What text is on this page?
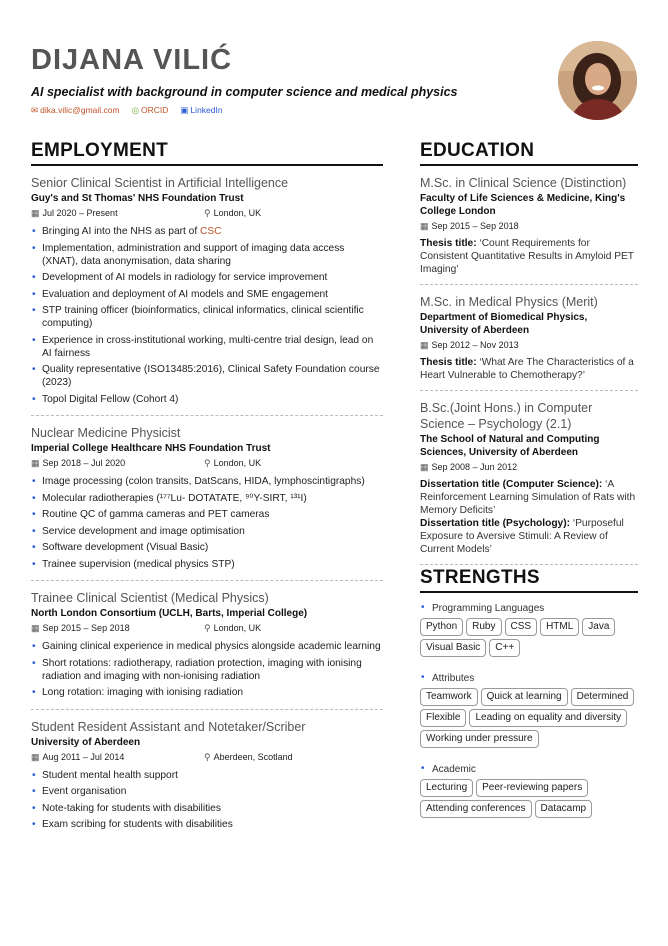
DIJANA VILIĆ
AI specialist with background in computer science and medical physics
✉ dika.vilic@gmail.com ◎ ORCID ▣ LinkedIn
EMPLOYMENT
Senior Clinical Scientist in Artificial Intelligence
Guy's and St Thomas' NHS Foundation Trust
▦ Jul 2020 – Present	⚲ London, UK
• Bringing AI into the NHS as part of CSC
• Implementation, administration and support of imaging data access (XNAT), data anonymisation, data sharing
• Development of AI models in radiology for service improvement
• Evaluation and deployment of AI models and SME engagement
• STP training officer (bioinformatics, clinical informatics, clinical scientific computing)
• Experience in cross-institutional working, multi-centre trial design, lead on AI fairness
• Quality representative (ISO13485:2016), Clinical Safety Foundation course (2023)
• Topol Digital Fellow (Cohort 4)
Nuclear Medicine Physicist
Imperial College Healthcare NHS Foundation Trust
▦ Sep 2018 – Jul 2020	⚲ London, UK
• Image processing (colon transits, DatScans, HIDA, lymphoscintigraphs)
• Molecular radiotherapies (¹⁷⁷Lu- DOTATATE, ⁹⁰Y-SIRT, ¹³¹I)
• Routine QC of gamma cameras and PET cameras
• Service development and image optimisation
• Software development (Visual Basic)
• Trainee supervision (medical physics STP)
Trainee Clinical Scientist (Medical Physics)
North London Consortium (UCLH, Barts, Imperial College)
▦ Sep 2015 – Sep 2018	⚲ London, UK
• Gaining clinical experience in medical physics alongside academic learning
• Short rotations: radiotherapy, radiation protection, imaging with ionising radiation and imaging with non-ionising radiation
• Long rotation: imaging with ionising radiation
Student Resident Assistant and Notetaker/Scriber
University of Aberdeen
▦ Aug 2011 – Jul 2014	⚲ Aberdeen, Scotland
• Student mental health support
• Event organisation
• Note-taking for students with disabilities
• Exam scribing for students with disabilities
EDUCATION
M.Sc. in Clinical Science (Distinction)
Faculty of Life Sciences & Medicine, King's College London
▦ Sep 2015 – Sep 2018
Thesis title: ‘Count Requirements for Consistent Quantitative Results in Amyloid PET Imaging’
M.Sc. in Medical Physics (Merit)
Department of Biomedical Physics, University of Aberdeen
▦ Sep 2012 – Nov 2013
Thesis title: ‘What Are The Characteristics of a Heart Vulnerable to Chemotherapy?’
B.Sc.(Joint Hons.) in Computer Science – Psychology (2.1)
The School of Natural and Computing Sciences, University of Aberdeen
▦ Sep 2008 – Jun 2012
Dissertation title (Computer Science): ‘A Reinforcement Learning Simulation of Rats with Memory Deficits’
Dissertation title (Psychology): ‘Purposeful Exposure to Aversive Stimuli: A Review of Current Models’
STRENGTHS
• Programming Languages
Python	Ruby	CSS	HTML	Java
Visual Basic	C++
• Attributes
Teamwork	Quick at learning	Determined
Flexible	Leading on equality and diversity
Working under pressure
• Academic
Lecturing	Peer-reviewing papers
Attending conferences	Datacamp
